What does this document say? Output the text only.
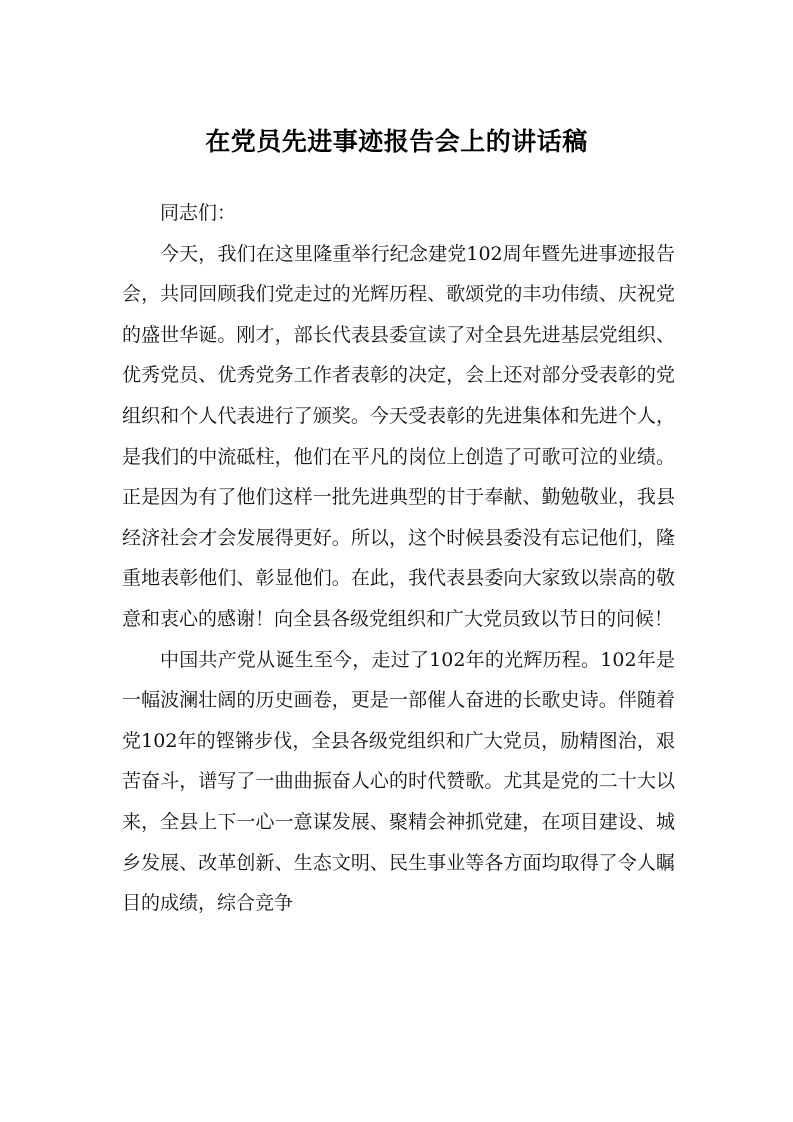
在党员先进事迹报告会上的讲话稿

同志们：

今天，我们在这里隆重举行纪念建党102周年暨先进事迹报告会，共同回顾我们党走过的光辉历程、歌颂党的丰功伟绩、庆祝党的盛世华诞。刚才，部长代表县委宣读了对全县先进基层党组织、优秀党员、优秀党务工作者表彰的决定，会上还对部分受表彰的党组织和个人代表进行了颁奖。今天受表彰的先进集体和先进个人，是我们的中流砥柱，他们在平凡的岗位上创造了可歌可泣的业绩。正是因为有了他们这样一批先进典型的甘于奉献、勤勉敬业，我县经济社会才会发展得更好。所以，这个时候县委没有忘记他们，隆重地表彰他们、彰显他们。在此，我代表县委向大家致以崇高的敬意和衷心的感谢！向全县各级党组织和广大党员致以节日的问候！

中国共产党从诞生至今，走过了102年的光辉历程。102年是一幅波澜壮阔的历史画卷，更是一部催人奋进的长歌史诗。伴随着党102年的铿锵步伐，全县各级党组织和广大党员，励精图治，艰苦奋斗，谱写了一曲曲振奋人心的时代赞歌。尤其是党的二十大以来，全县上下一心一意谋发展、聚精会神抓党建，在项目建设、城乡发展、改革创新、生态文明、民生事业等各方面均取得了令人瞩目的成绩，综合竞争
